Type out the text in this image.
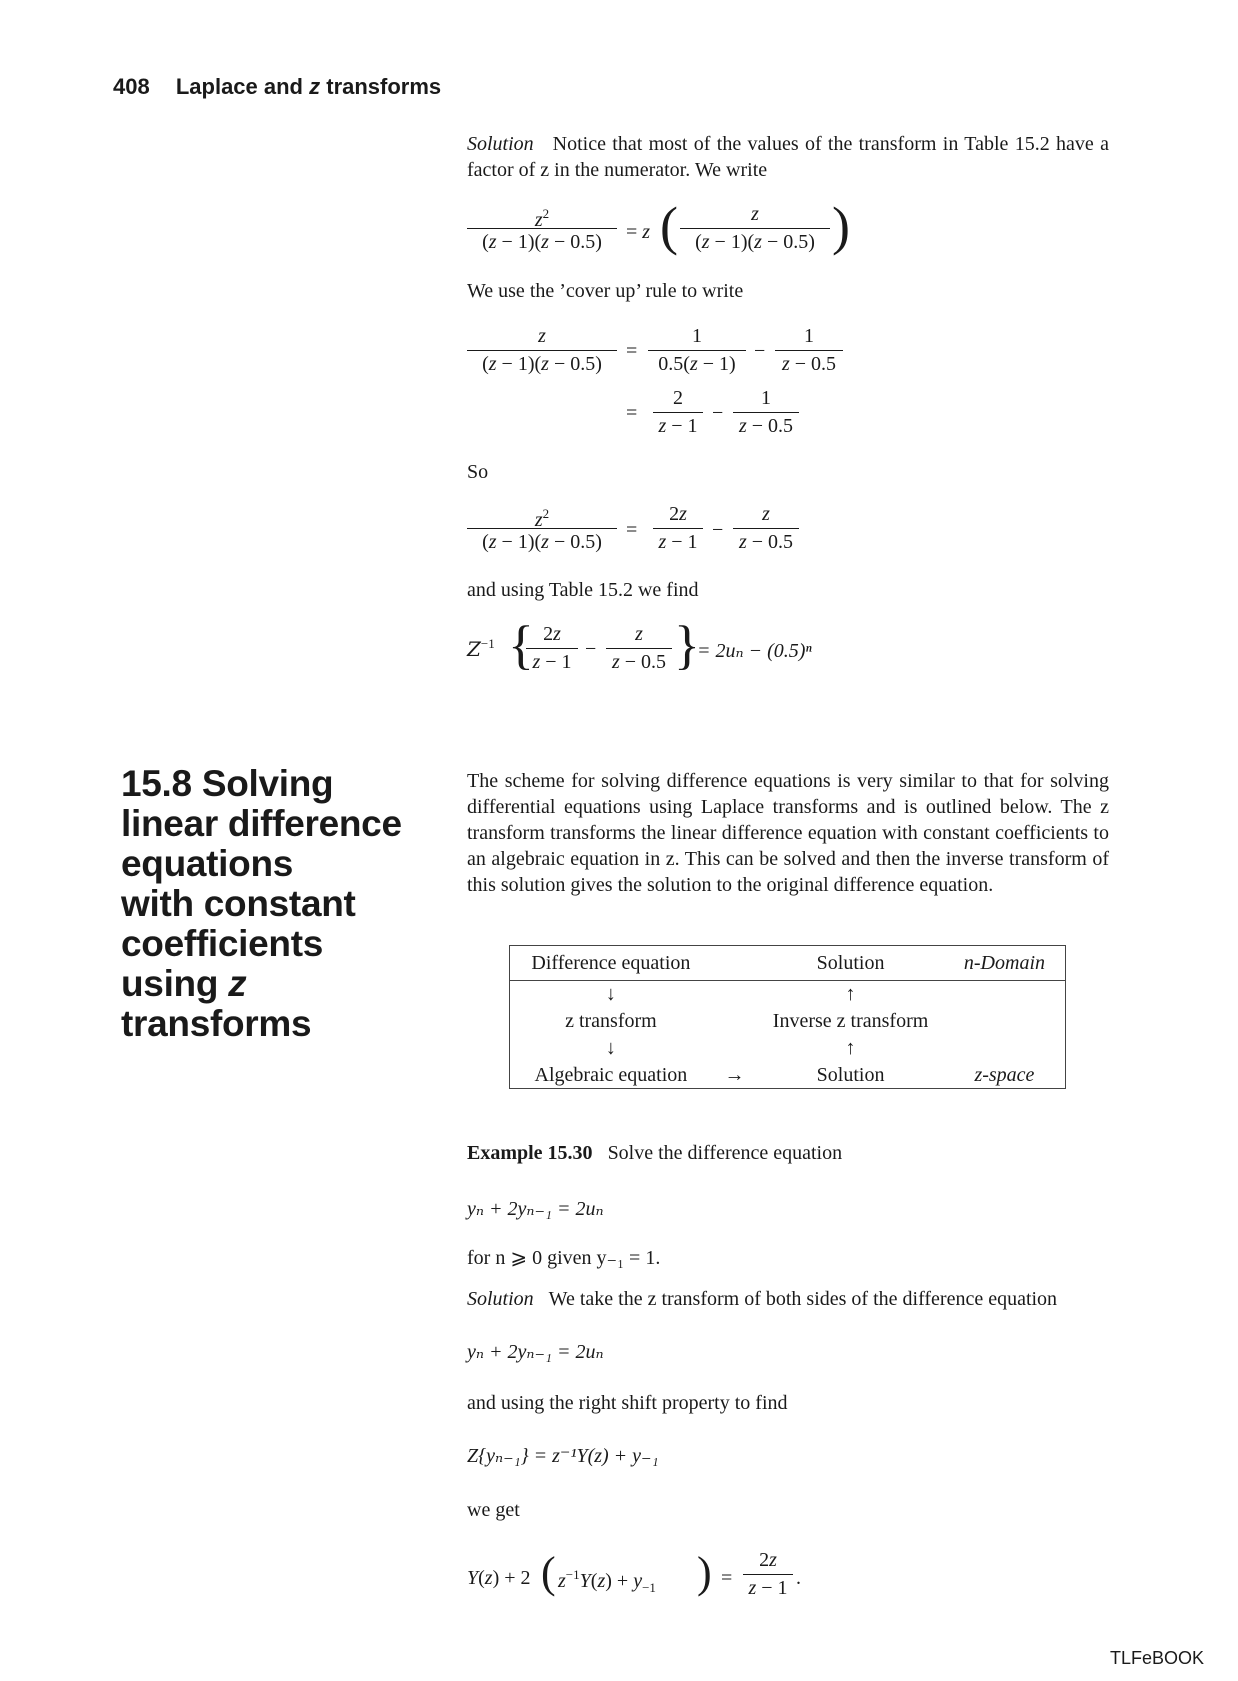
408 Laplace and z transforms
Solution Notice that most of the values of the transform in Table 15.2 have a factor of z in the numerator. We write
$z^2$
(z − 1)(z − 0.5)	= z (	z
(z − 1)(z − 0.5) )
We use the ’cover up’ rule to write
z
(z − 1)(z − 0.5)
=
1
0.5(z − 1)
−
1
z − 0.5
=
2
z − 1
−
1
z − 0.5
So
$z^2$
(z − 1)(z − 0.5)
=
2z
z − 1
−
z
z − 0.5
and using Table 15.2 we find
$Z^{-1}$ { 2z
z − 1
−
z
z − 0.5 }
= 2uₙ − (0.5)ⁿ
15.8 Solving
linear difference
equations
with constant
coefficients
using z
transforms
The scheme for solving difference equations is very similar to that for solving differential equations using Laplace transforms and is outlined below. The z transform transforms the linear difference equation with constant coefficients to an algebraic equation in z. This can be solved and then the inverse transform of this solution gives the solution to the original difference equation.
Difference equation		Solution	n-Domain
↓		↑	
z transform		Inverse z transform	
↓		↑	
Algebraic equation	→	Solution	z-space
Example 15.30 Solve the difference equation
yₙ + 2yₙ₋₁ = 2uₙ
for n ⩾ 0 given y₋₁ = 1.
Solution We take the z transform of both sides of the difference equation
yₙ + 2yₙ₋₁ = 2uₙ
and using the right shift property to find
Z{yₙ₋₁} = z⁻¹Y(z) + y₋₁
we get
Y(z) + 2 ( $z^{-1}Y(z) + y_{-1}$ ) =
2z
z − 1 .
TLFeBOOK
